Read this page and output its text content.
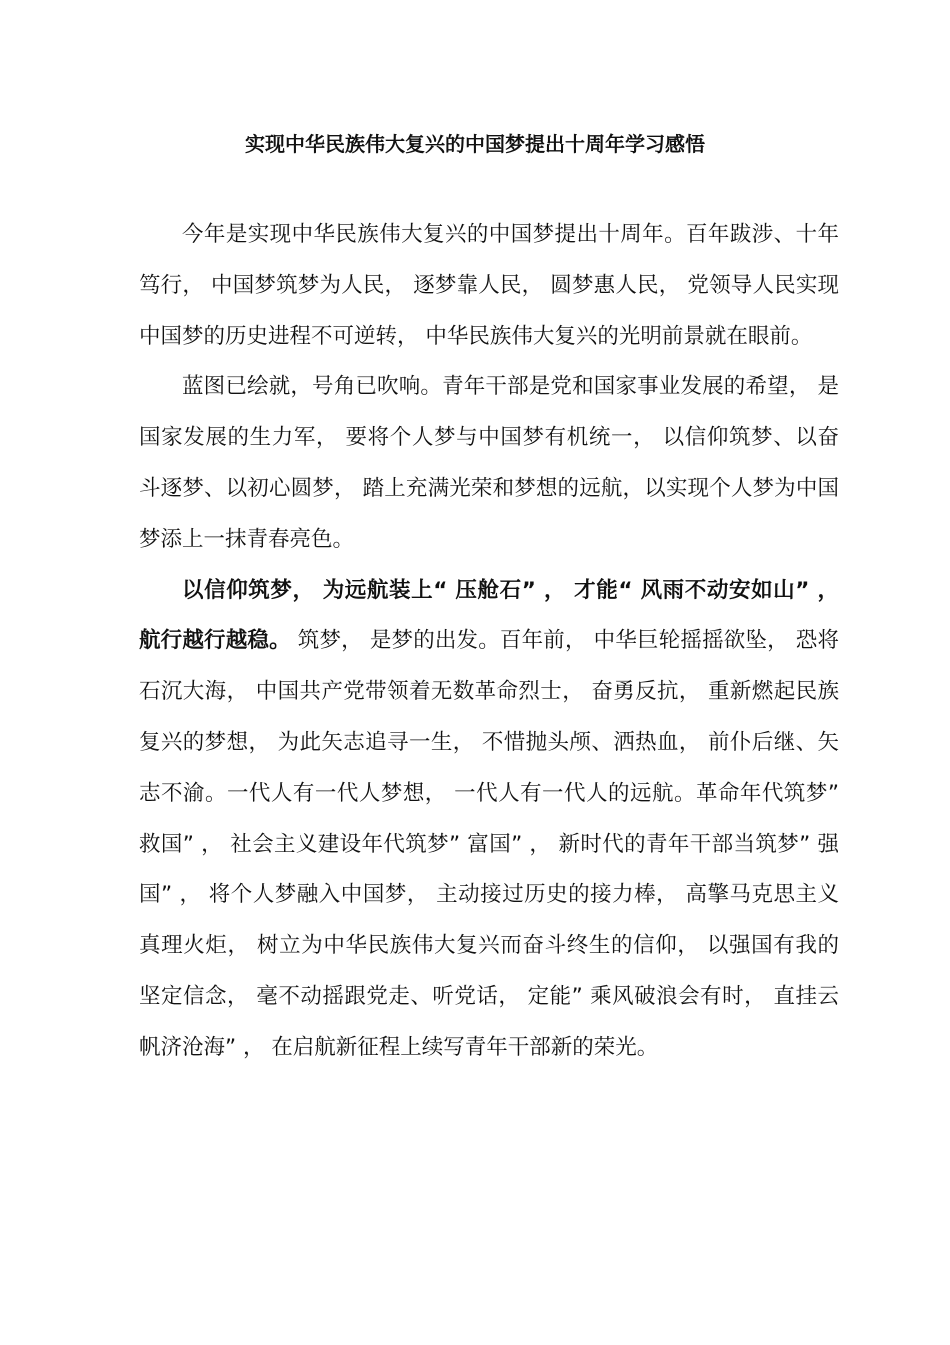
实现中华民族伟大复兴的中国梦提出十周年学习感悟

今年是实现中华民族伟大复兴的中国梦提出十周年。百年跋涉、十年笃行， 中国梦筑梦为人民， 逐梦靠人民， 圆梦惠人民， 党领导人民实现中国梦的历史进程不可逆转， 中华民族伟大复兴的光明前景就在眼前。

蓝图已绘就，号角已吹响。青年干部是党和国家事业发展的希望， 是国家发展的生力军， 要将个人梦与中国梦有机统一， 以信仰筑梦、以奋斗逐梦、以初心圆梦， 踏上充满光荣和梦想的远航，以实现个人梦为中国梦添上一抹青春亮色。

以信仰筑梦， 为远航装上“ 压舱石” ， 才能“ 风雨不动安如山” ， 航行越行越稳。 筑梦， 是梦的出发。百年前， 中华巨轮摇摇欲坠， 恐将石沉大海， 中国共产党带领着无数革命烈士， 奋勇反抗， 重新燃起民族复兴的梦想， 为此矢志追寻一生， 不惜抛头颅、洒热血， 前仆后继、矢志不渝。一代人有一代人梦想， 一代人有一代人的远航。革命年代筑梦” 救国” ， 社会主义建设年代筑梦” 富国” ， 新时代的青年干部当筑梦” 强国” ， 将个人梦融入中国梦， 主动接过历史的接力棒， 高擎马克思主义真理火炬， 树立为中华民族伟大复兴而奋斗终生的信仰， 以强国有我的坚定信念， 毫不动摇跟党走、听党话， 定能” 乘风破浪会有时， 直挂云帆济沧海” ， 在启航新征程上续写青年干部新的荣光。
